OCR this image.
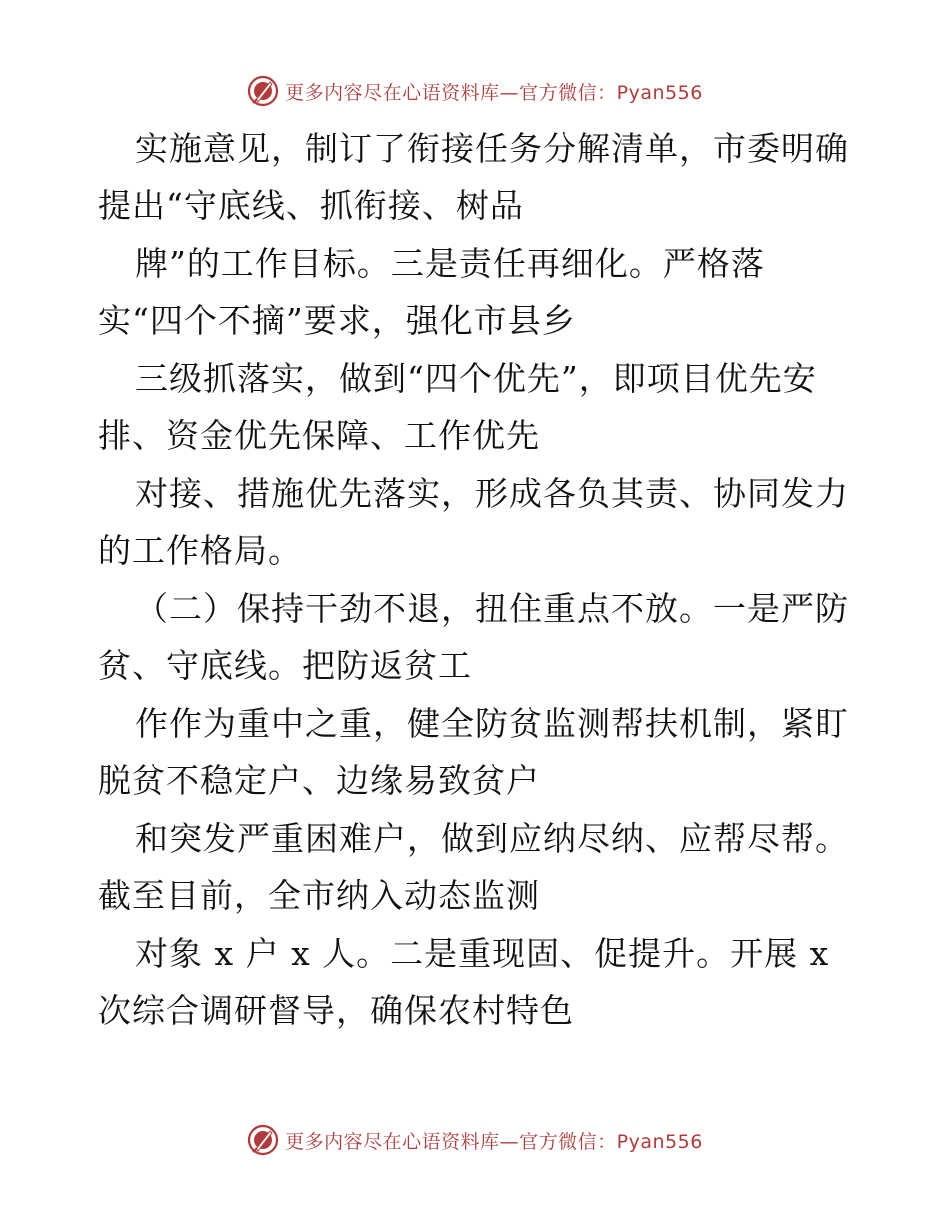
更多内容尽在心语资料库—官方微信：Pyan556
实施意见，制订了衔接任务分解清单，市委明确
提出“守底线、抓衔接、树品
牌”的工作目标。三是责任再细化。严格落
实“四个不摘”要求，强化市县乡
三级抓落实，做到“四个优先”，即项目优先安
排、资金优先保障、工作优先
对接、措施优先落实，形成各负其责、协同发力
的工作格局。
（二）保持干劲不退，扭住重点不放。一是严防
贫、守底线。把防返贫工
作作为重中之重，健全防贫监测帮扶机制，紧盯
脱贫不稳定户、边缘易致贫户
和突发严重困难户，做到应纳尽纳、应帮尽帮。
截至目前，全市纳入动态监测
对象 x 户 x 人。二是重现固、促提升。开展 x
次综合调研督导，确保农村特色
更多内容尽在心语资料库—官方微信：Pyan556
